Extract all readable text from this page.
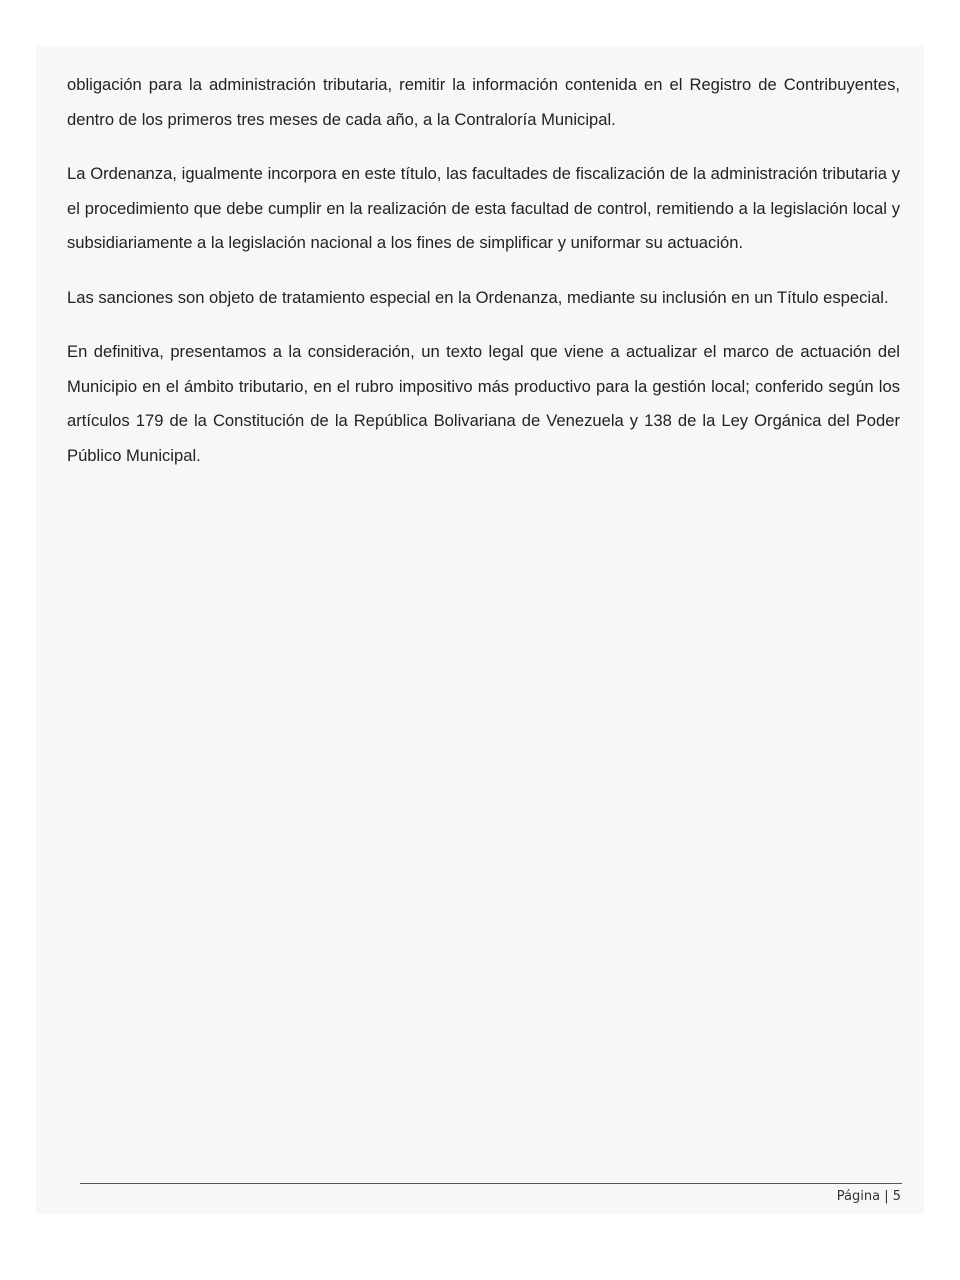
obligación para la administración tributaria, remitir la información contenida en el Registro de Contribuyentes, dentro de los primeros tres meses de cada año, a la Contraloría Municipal.

La Ordenanza, igualmente incorpora en este título, las facultades de fiscalización de la administración tributaria y el procedimiento que debe cumplir en la realización de esta facultad de control, remitiendo a la legislación local y subsidiariamente a la legislación nacional a los fines de simplificar y uniformar su actuación.

Las sanciones son objeto de tratamiento especial en la Ordenanza, mediante su inclusión en un Título especial.

En definitiva, presentamos a la consideración, un texto legal que viene a actualizar el marco de actuación del Municipio en el ámbito tributario, en el rubro impositivo más productivo para la gestión local; conferido según los artículos 179 de la Constitución de la República Bolivariana de Venezuela y 138 de la Ley Orgánica del Poder Público Municipal.

Página | 5
